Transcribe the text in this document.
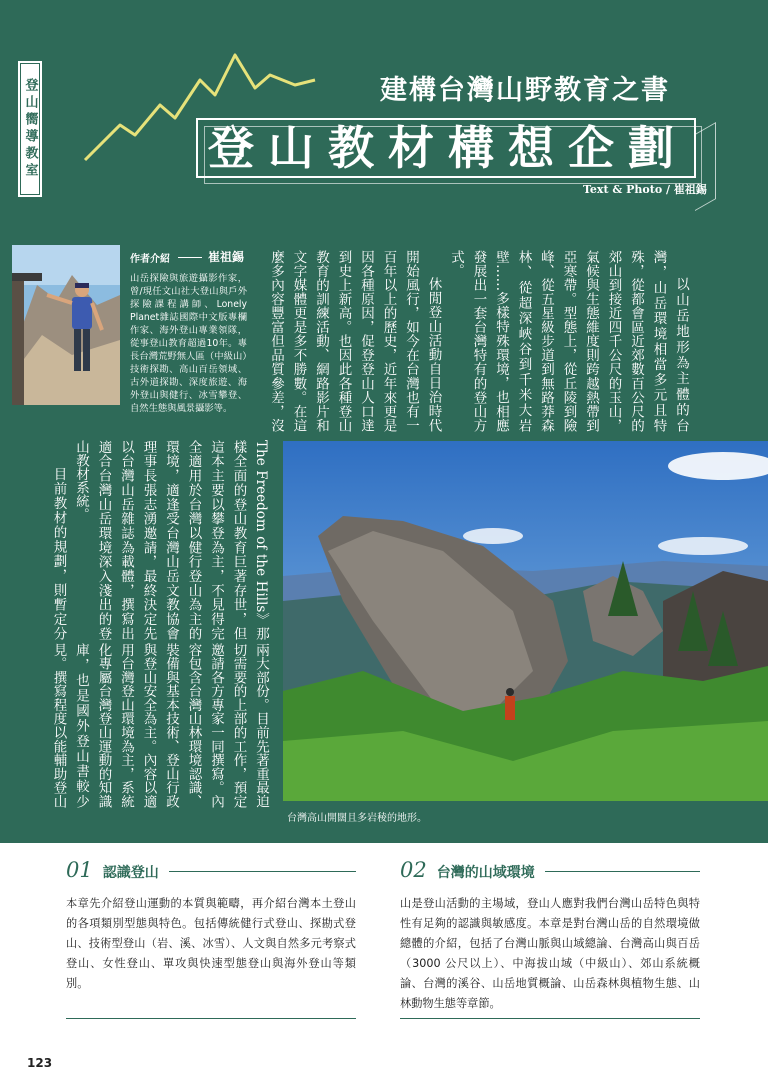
登山嚮導教室	建構台灣山野教育之書
登山教材構想企劃
Text & Photo / 崔祖錫
作者介紹	崔祖錫
山岳探險與旅遊攝影作家，曾/現任文山社大登山與戶外探險課程講師、Lonely Planet雜誌國際中文版專欄作家、海外登山專業領隊，從事登山教育超過10年。專長台灣荒野無人區（中級山）技術探勘、高山百岳領域、古外道探勘、深度旅遊、海外登山與健行、冰雪攀登、自然生態與風景攝影等。	以山岳地形為主體的台灣，山岳環境相當多元且特殊，從都會區近郊數百公尺的郊山到接近四千公尺的玉山，氣候與生態維度則跨越熱帶到亞寒帶。型態上，從丘陵到險峰、從五星級步道到無路莽森林、從超深峽谷到千米大岩壁……多樣特殊環境，也相應發展出一套台灣特有的登山方式。

休閒登山活動自日治時代開始風行，如今在台灣也有一百年以上的歷史，近年來更是因各種原因，促登登山人口達到史上新高。也因此各種登山教育的訓練活動、網路影片和文字媒體更是多不勝數。在這麼多內容豐富但品質參差，沒

The Freedom of the Hills》那樣全面的登山教育巨著存世，但這本主要以攀登為主，不見得完全適用於台灣以健行登山為主的環境，適逢受台灣山岳文教協會理事長張志湧邀請，最終決定先以台灣山岳雜誌為載體，撰寫出適合台灣山岳環境深入淺出的登山教材系統。

目前教材的規劃，則暫定分

兩大部份。目前先著重最迫切需要的上部的工作，預定邀請各方專家一同撰寫。內容包含台灣山林環境認識、裝備與基本技術、登山行政與登山安全為主。內容以適用台灣登山環境為主，系統化專屬台灣登山運動的知識庫，也是國外登山書較少見。撰寫程度以能輔助登山

台灣高山開闊且多岩稜的地形。
01 認識登山
本章先介紹登山運動的本質與範疇，再介紹台灣本土登山的各項類別型態與特色。包括傳統健行式登山、探勘式登山、技術型登山（岩、溪、冰雪）、人文與自然多元考察式登山、女性登山、單攻與快速型態登山與海外登山等類別。
02 台灣的山域環境
山是登山活動的主場域，登山人應對我們台灣山岳特色與特性有足夠的認識與敏感度。本章是對台灣山岳的自然環境做總體的介紹，包括了台灣山脈與山域總論、台灣高山與百岳（3000 公尺以上）、中海拔山域（中級山）、郊山系統概論、台灣的溪谷、山岳地質概論、山岳森林與植物生態、山林動物生態等章節。
123
